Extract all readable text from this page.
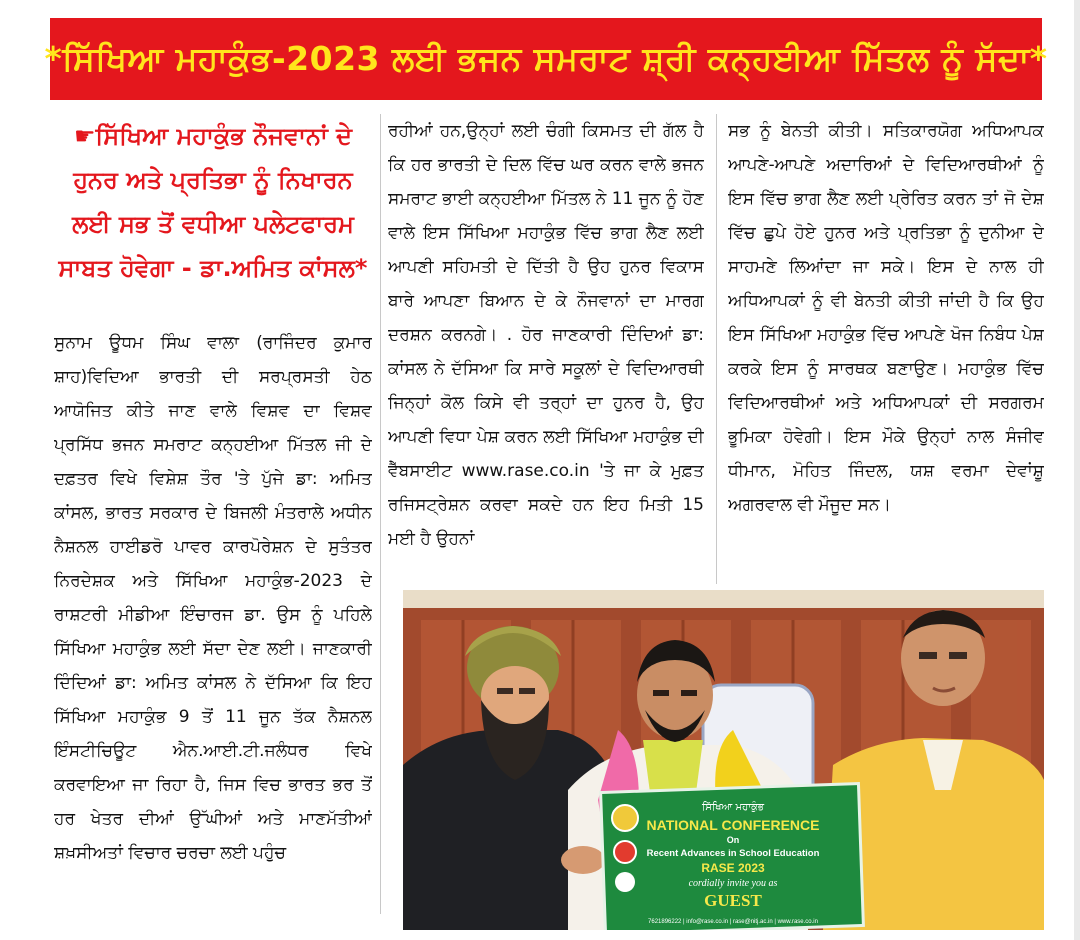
*ਸਿੱਖਿਆ ਮਹਾਕੁੰਭ-2023 ਲਈ ਭਜਨ ਸਮਰਾਟ ਸ਼੍ਰੀ ਕਨ੍ਹਈਆ ਮਿੱਤਲ ਨੂੰ ਸੱਦਾ*
☛ਸਿੱਖਿਆ ਮਹਾਕੁੰਭ ਨੌਜਵਾਨਾਂ ਦੇ ਹੁਨਰ ਅਤੇ ਪ੍ਰਤਿਭਾ ਨੂੰ ਨਿਖਾਰਨ ਲਈ ਸਭ ਤੋਂ ਵਧੀਆ ਪਲੇਟਫਾਰਮ ਸਾਬਤ ਹੋਵੇਗਾ - ਡਾ.ਅਮਿਤ ਕਾਂਸਲ*
ਸੁਨਾਮ ਊਧਮ ਸਿੰਘ ਵਾਲਾ (ਰਾਜਿੰਦਰ ਕੁਮਾਰ ਸ਼ਾਹ)ਵਿਦਿਆ ਭਾਰਤੀ ਦੀ ਸਰਪ੍ਰਸਤੀ ਹੇਠ ਆਯੋਜਿਤ ਕੀਤੇ ਜਾਣ ਵਾਲੇ ਵਿਸ਼ਵ ਦਾ ਵਿਸ਼ਵ ਪ੍ਰਸਿੱਧ ਭਜਨ ਸਮਰਾਟ ਕਨ੍ਹਈਆ ਮਿੱਤਲ ਜੀ ਦੇ ਦਫ਼ਤਰ ਵਿਖੇ ਵਿਸ਼ੇਸ਼ ਤੌਰ 'ਤੇ ਪੁੱਜੇ ਡਾ: ਅਮਿਤ ਕਾਂਸਲ, ਭਾਰਤ ਸਰਕਾਰ ਦੇ ਬਿਜਲੀ ਮੰਤਰਾਲੇ ਅਧੀਨ ਨੈਸ਼ਨਲ ਹਾਈਡਰੋ ਪਾਵਰ ਕਾਰਪੋਰੇਸ਼ਨ ਦੇ ਸੁਤੰਤਰ ਨਿਰਦੇਸ਼ਕ ਅਤੇ ਸਿੱਖਿਆ ਮਹਾਕੁੰਭ-2023 ਦੇ ਰਾਸ਼ਟਰੀ ਮੀਡੀਆ ਇੰਚਾਰਜ ਡਾ. ਉਸ ਨੂੰ ਪਹਿਲੇ ਸਿੱਖਿਆ ਮਹਾਕੁੰਭ ਲਈ ਸੱਦਾ ਦੇਣ ਲਈ। ਜਾਣਕਾਰੀ ਦਿੰਦਿਆਂ ਡਾ: ਅਮਿਤ ਕਾਂਸਲ ਨੇ ਦੱਸਿਆ ਕਿ ਇਹ ਸਿੱਖਿਆ ਮਹਾਕੁੰਭ 9 ਤੋਂ 11 ਜੂਨ ਤੱਕ ਨੈਸ਼ਨਲ ਇੰਸਟੀਚਿਊਟ ਐਨ.ਆਈ.ਟੀ.ਜਲੰਧਰ ਵਿਖੇ ਕਰਵਾਇਆ ਜਾ ਰਿਹਾ ਹੈ, ਜਿਸ ਵਿਚ ਭਾਰਤ ਭਰ ਤੋਂ ਹਰ ਖੇਤਰ ਦੀਆਂ ਉੱਘੀਆਂ ਅਤੇ ਮਾਣਮੱਤੀਆਂ ਸ਼ਖ਼ਸੀਅਤਾਂ ਵਿਚਾਰ ਚਰਚਾ ਲਈ ਪਹੁੰਚ
ਰਹੀਆਂ ਹਨ,ਉਨ੍ਹਾਂ ਲਈ ਚੰਗੀ ਕਿਸਮਤ ਦੀ ਗੱਲ ਹੈ ਕਿ ਹਰ ਭਾਰਤੀ ਦੇ ਦਿਲ ਵਿੱਚ ਘਰ ਕਰਨ ਵਾਲੇ ਭਜਨ ਸਮਰਾਟ ਭਾਈ ਕਨ੍ਹਈਆ ਮਿੱਤਲ ਨੇ 11 ਜੂਨ ਨੂੰ ਹੋਣ ਵਾਲੇ ਇਸ ਸਿੱਖਿਆ ਮਹਾਕੁੰਭ ਵਿੱਚ ਭਾਗ ਲੈਣ ਲਈ ਆਪਣੀ ਸਹਿਮਤੀ ਦੇ ਦਿੱਤੀ ਹੈ ਉਹ ਹੁਨਰ ਵਿਕਾਸ ਬਾਰੇ ਆਪਣਾ ਬਿਆਨ ਦੇ ਕੇ ਨੌਜਵਾਨਾਂ ਦਾ ਮਾਰਗ ਦਰਸ਼ਨ ਕਰਨਗੇ। . ਹੋਰ ਜਾਣਕਾਰੀ ਦਿੰਦਿਆਂ ਡਾ: ਕਾਂਸਲ ਨੇ ਦੱਸਿਆ ਕਿ ਸਾਰੇ ਸਕੂਲਾਂ ਦੇ ਵਿਦਿਆਰਥੀ ਜਿਨ੍ਹਾਂ ਕੋਲ ਕਿਸੇ ਵੀ ਤਰ੍ਹਾਂ ਦਾ ਹੁਨਰ ਹੈ, ਉਹ ਆਪਣੀ ਵਿਧਾ ਪੇਸ਼ ਕਰਨ ਲਈ ਸਿੱਖਿਆ ਮਹਾਕੁੰਭ ਦੀ ਵੈੱਬਸਾਈਟ www.rase.co.in 'ਤੇ ਜਾ ਕੇ ਮੁਫ਼ਤ ਰਜਿਸਟ੍ਰੇਸ਼ਨ ਕਰਵਾ ਸਕਦੇ ਹਨ ਇਹ ਮਿਤੀ 15 ਮਈ ਹੈ ਉਹਨਾਂ
ਸਭ ਨੂੰ ਬੇਨਤੀ ਕੀਤੀ। ਸਤਿਕਾਰਯੋਗ ਅਧਿਆਪਕ ਆਪਣੇ-ਆਪਣੇ ਅਦਾਰਿਆਂ ਦੇ ਵਿਦਿਆਰਥੀਆਂ ਨੂੰ ਇਸ ਵਿੱਚ ਭਾਗ ਲੈਣ ਲਈ ਪ੍ਰੇਰਿਤ ਕਰਨ ਤਾਂ ਜੋ ਦੇਸ਼ ਵਿੱਚ ਛੁਪੇ ਹੋਏ ਹੁਨਰ ਅਤੇ ਪ੍ਰਤਿਭਾ ਨੂੰ ਦੁਨੀਆ ਦੇ ਸਾਹਮਣੇ ਲਿਆਂਦਾ ਜਾ ਸਕੇ। ਇਸ ਦੇ ਨਾਲ ਹੀ ਅਧਿਆਪਕਾਂ ਨੂੰ ਵੀ ਬੇਨਤੀ ਕੀਤੀ ਜਾਂਦੀ ਹੈ ਕਿ ਉਹ ਇਸ ਸਿੱਖਿਆ ਮਹਾਕੁੰਭ ਵਿੱਚ ਆਪਣੇ ਖੋਜ ਨਿਬੰਧ ਪੇਸ਼ ਕਰਕੇ ਇਸ ਨੂੰ ਸਾਰਥਕ ਬਣਾਉਣ। ਮਹਾਕੁੰਭ ਵਿੱਚ ਵਿਦਿਆਰਥੀਆਂ ਅਤੇ ਅਧਿਆਪਕਾਂ ਦੀ ਸਰਗਰਮ ਭੂਮਿਕਾ ਹੋਵੇਗੀ। ਇਸ ਮੌਕੇ ਉਨ੍ਹਾਂ ਨਾਲ ਸੰਜੀਵ ਧੀਮਾਨ, ਮੋਹਿਤ ਜਿੰਦਲ, ਯਸ਼ ਵਰਮਾ ਦੇਵਾਂਸ਼ੂ ਅਗਰਵਾਲ ਵੀ ਮੌਜੂਦ ਸਨ।
ਸਿੱਖਿਆ ਮਹਾਕੁੰਭ
NATIONAL CONFERENCE
On
Recent Advances in School Education
RASE 2023
cordially invite you as
GUEST
7621896222 | info@rase.co.in | rase@nitj.ac.in | www.rase.co.in
